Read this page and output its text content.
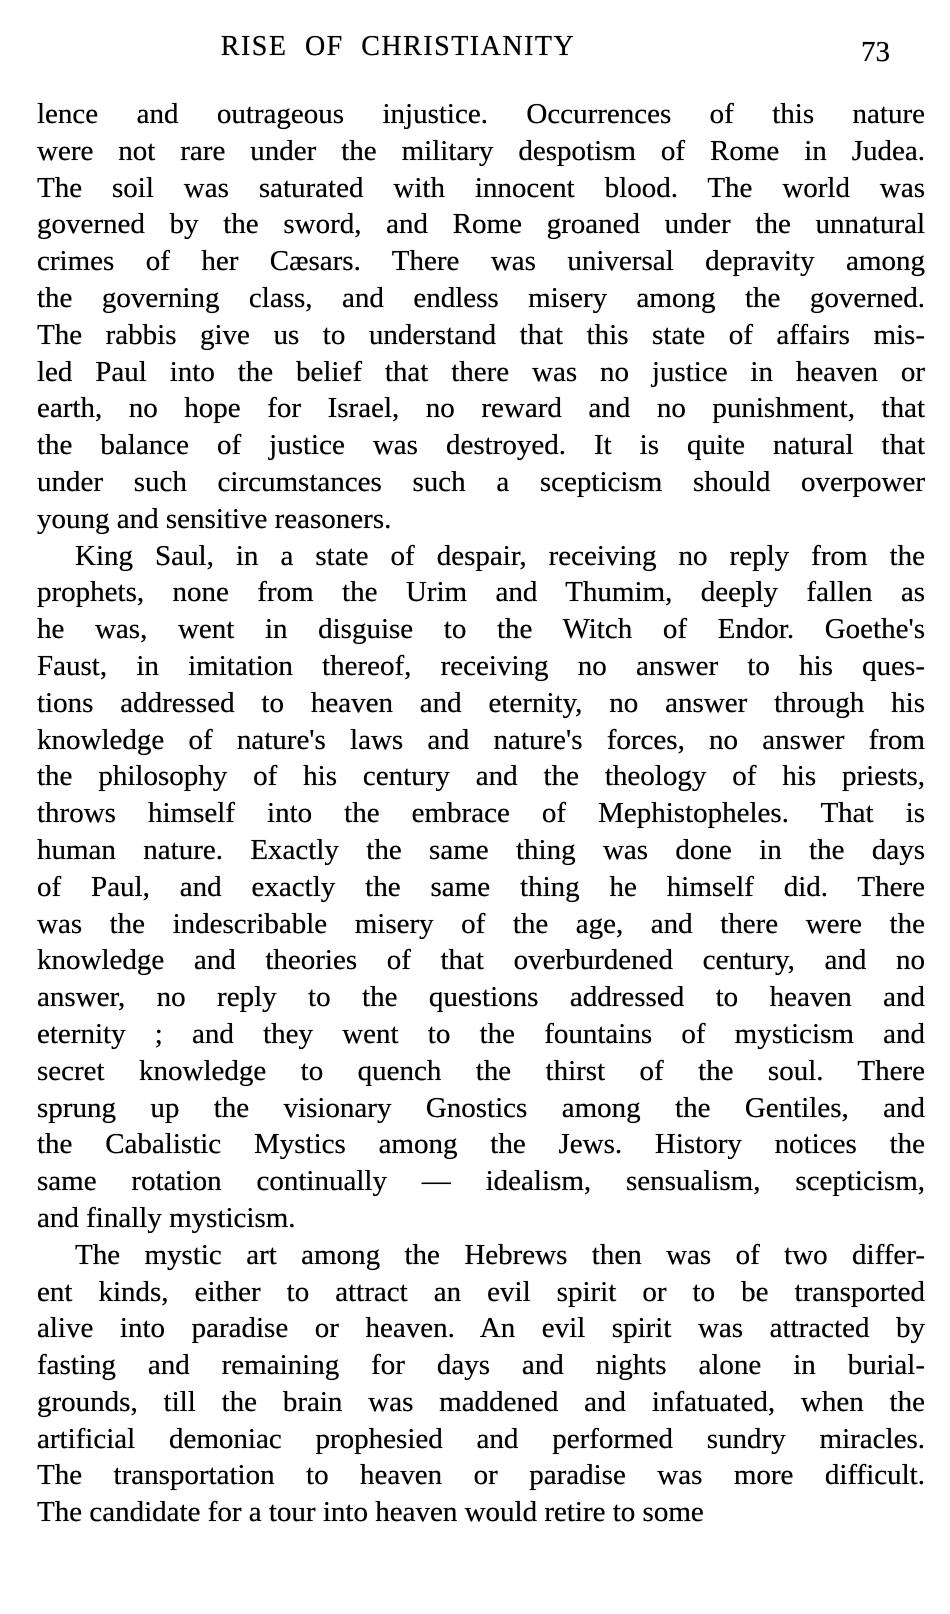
RISE OF CHRISTIANITY	73
lence and outrageous injustice. Occurrences of this nature
were not rare under the military despotism of Rome in Judea.
The soil was saturated with innocent blood. The world was
governed by the sword, and Rome groaned under the unnatural
crimes of her Cæsars. There was universal depravity among
the governing class, and endless misery among the governed.
The rabbis give us to understand that this state of affairs mis-
led Paul into the belief that there was no justice in heaven or
earth, no hope for Israel, no reward and no punishment, that
the balance of justice was destroyed. It is quite natural that
under such circumstances such a scepticism should overpower
young and sensitive reasoners.
King Saul, in a state of despair, receiving no reply from the
prophets, none from the Urim and Thumim, deeply fallen as
he was, went in disguise to the Witch of Endor. Goethe's
Faust, in imitation thereof, receiving no answer to his ques-
tions addressed to heaven and eternity, no answer through his
knowledge of nature's laws and nature's forces, no answer from
the philosophy of his century and the theology of his priests,
throws himself into the embrace of Mephistopheles. That is
human nature. Exactly the same thing was done in the days
of Paul, and exactly the same thing he himself did. There
was the indescribable misery of the age, and there were the
knowledge and theories of that overburdened century, and no
answer, no reply to the questions addressed to heaven and
eternity ; and they went to the fountains of mysticism and
secret knowledge to quench the thirst of the soul. There
sprung up the visionary Gnostics among the Gentiles, and
the Cabalistic Mystics among the Jews. History notices the
same rotation continually — idealism, sensualism, scepticism,
and finally mysticism.
The mystic art among the Hebrews then was of two differ-
ent kinds, either to attract an evil spirit or to be transported
alive into paradise or heaven. An evil spirit was attracted by
fasting and remaining for days and nights alone in burial-
grounds, till the brain was maddened and infatuated, when the
artificial demoniac prophesied and performed sundry miracles.
The transportation to heaven or paradise was more difficult.
The candidate for a tour into heaven would retire to some
